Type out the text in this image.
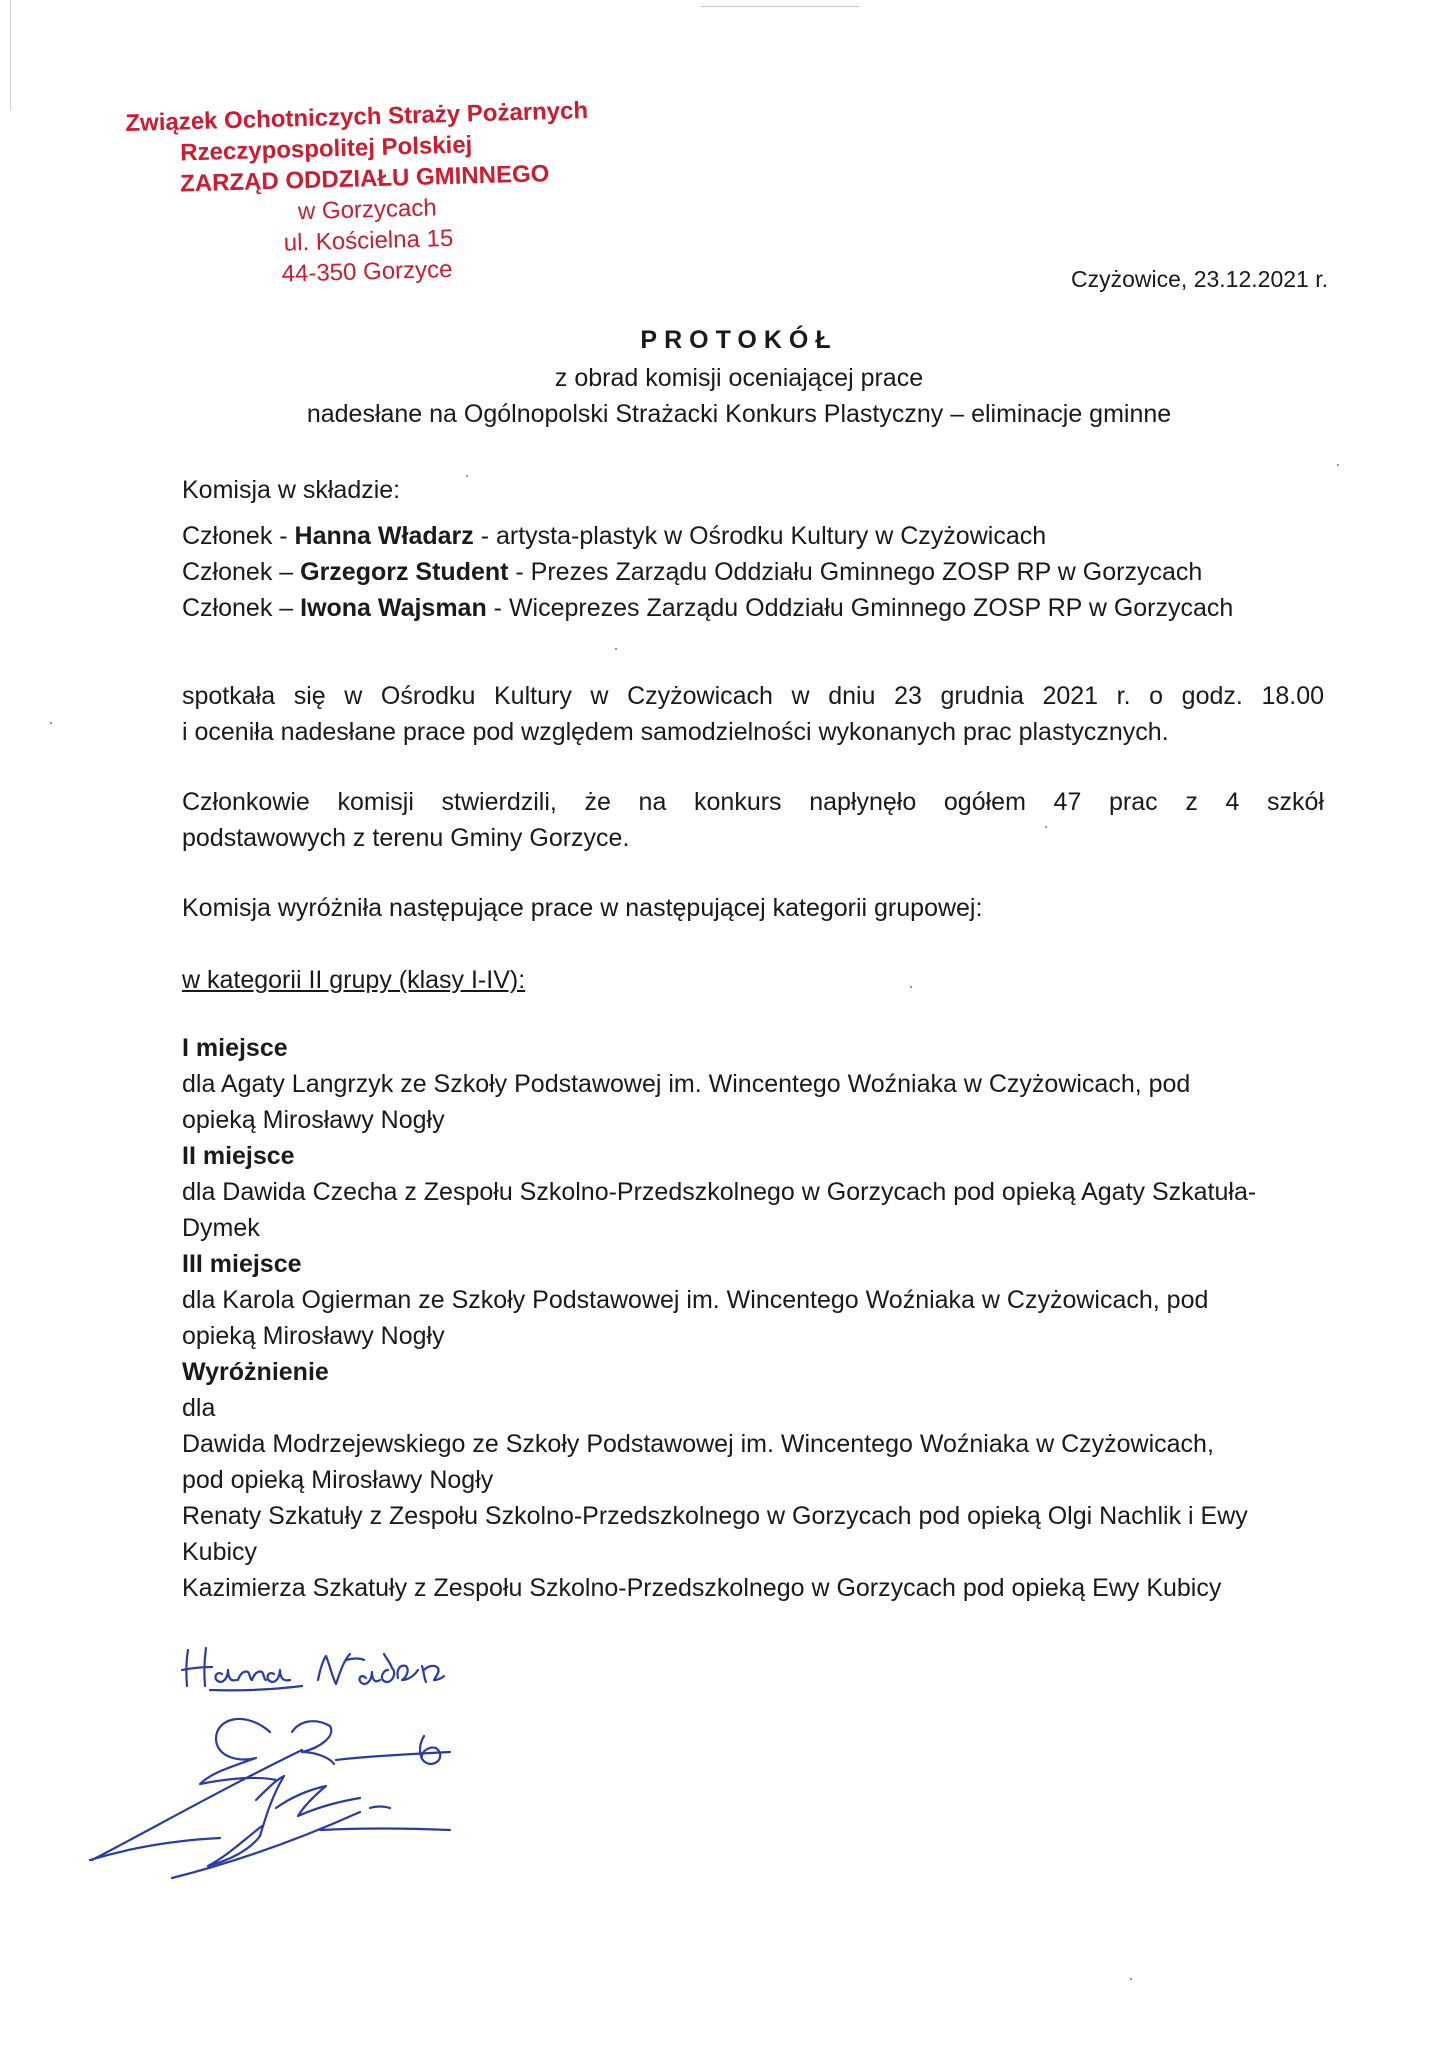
Związek Ochotniczych Straży Pożarnych
Rzeczypospolitej Polskiej
ZARZĄD ODDZIAŁU GMINNEGO
w Gorzycach
ul. Kościelna 15
44-350 Gorzyce	Czyżowice, 23.12.2021 r.
PROTOKÓŁ
z obrad komisji oceniającej prace
nadesłane na Ogólnopolski Strażacki Konkurs Plastyczny – eliminacje gminne
Komisja w składzie:
Członek - Hanna Władarz - artysta-plastyk w Ośrodku Kultury w Czyżowicach
Członek – Grzegorz Student - Prezes Zarządu Oddziału Gminnego ZOSP RP w Gorzycach
Członek – Iwona Wajsman - Wiceprezes Zarządu Oddziału Gminnego ZOSP RP w Gorzycach
spotkała się w Ośrodku Kultury w Czyżowicach w dniu 23 grudnia 2021 r. o godz. 18.00
i oceniła nadesłane prace pod względem samodzielności wykonanych prac plastycznych.
Członkowie komisji stwierdzili, że na konkurs napłynęło ogółem 47 prac z 4 szkół
podstawowych z terenu Gminy Gorzyce.
Komisja wyróżniła następujące prace w następującej kategorii grupowej:
w kategorii II grupy (klasy I-IV):
I miejsce
dla Agaty Langrzyk ze Szkoły Podstawowej im. Wincentego Woźniaka w Czyżowicach, pod
opieką Mirosławy Nogły
II miejsce
dla Dawida Czecha z Zespołu Szkolno-Przedszkolnego w Gorzycach pod opieką Agaty Szkatuła-
Dymek
III miejsce
dla Karola Ogierman ze Szkoły Podstawowej im. Wincentego Woźniaka w Czyżowicach, pod
opieką Mirosławy Nogły
Wyróżnienie
dla
Dawida Modrzejewskiego ze Szkoły Podstawowej im. Wincentego Woźniaka w Czyżowicach,
pod opieką Mirosławy Nogły
Renaty Szkatuły z Zespołu Szkolno-Przedszkolnego w Gorzycach pod opieką Olgi Nachlik i Ewy
Kubicy
Kazimierza Szkatuły z Zespołu Szkolno-Przedszkolnego w Gorzycach pod opieką Ewy Kubicy
